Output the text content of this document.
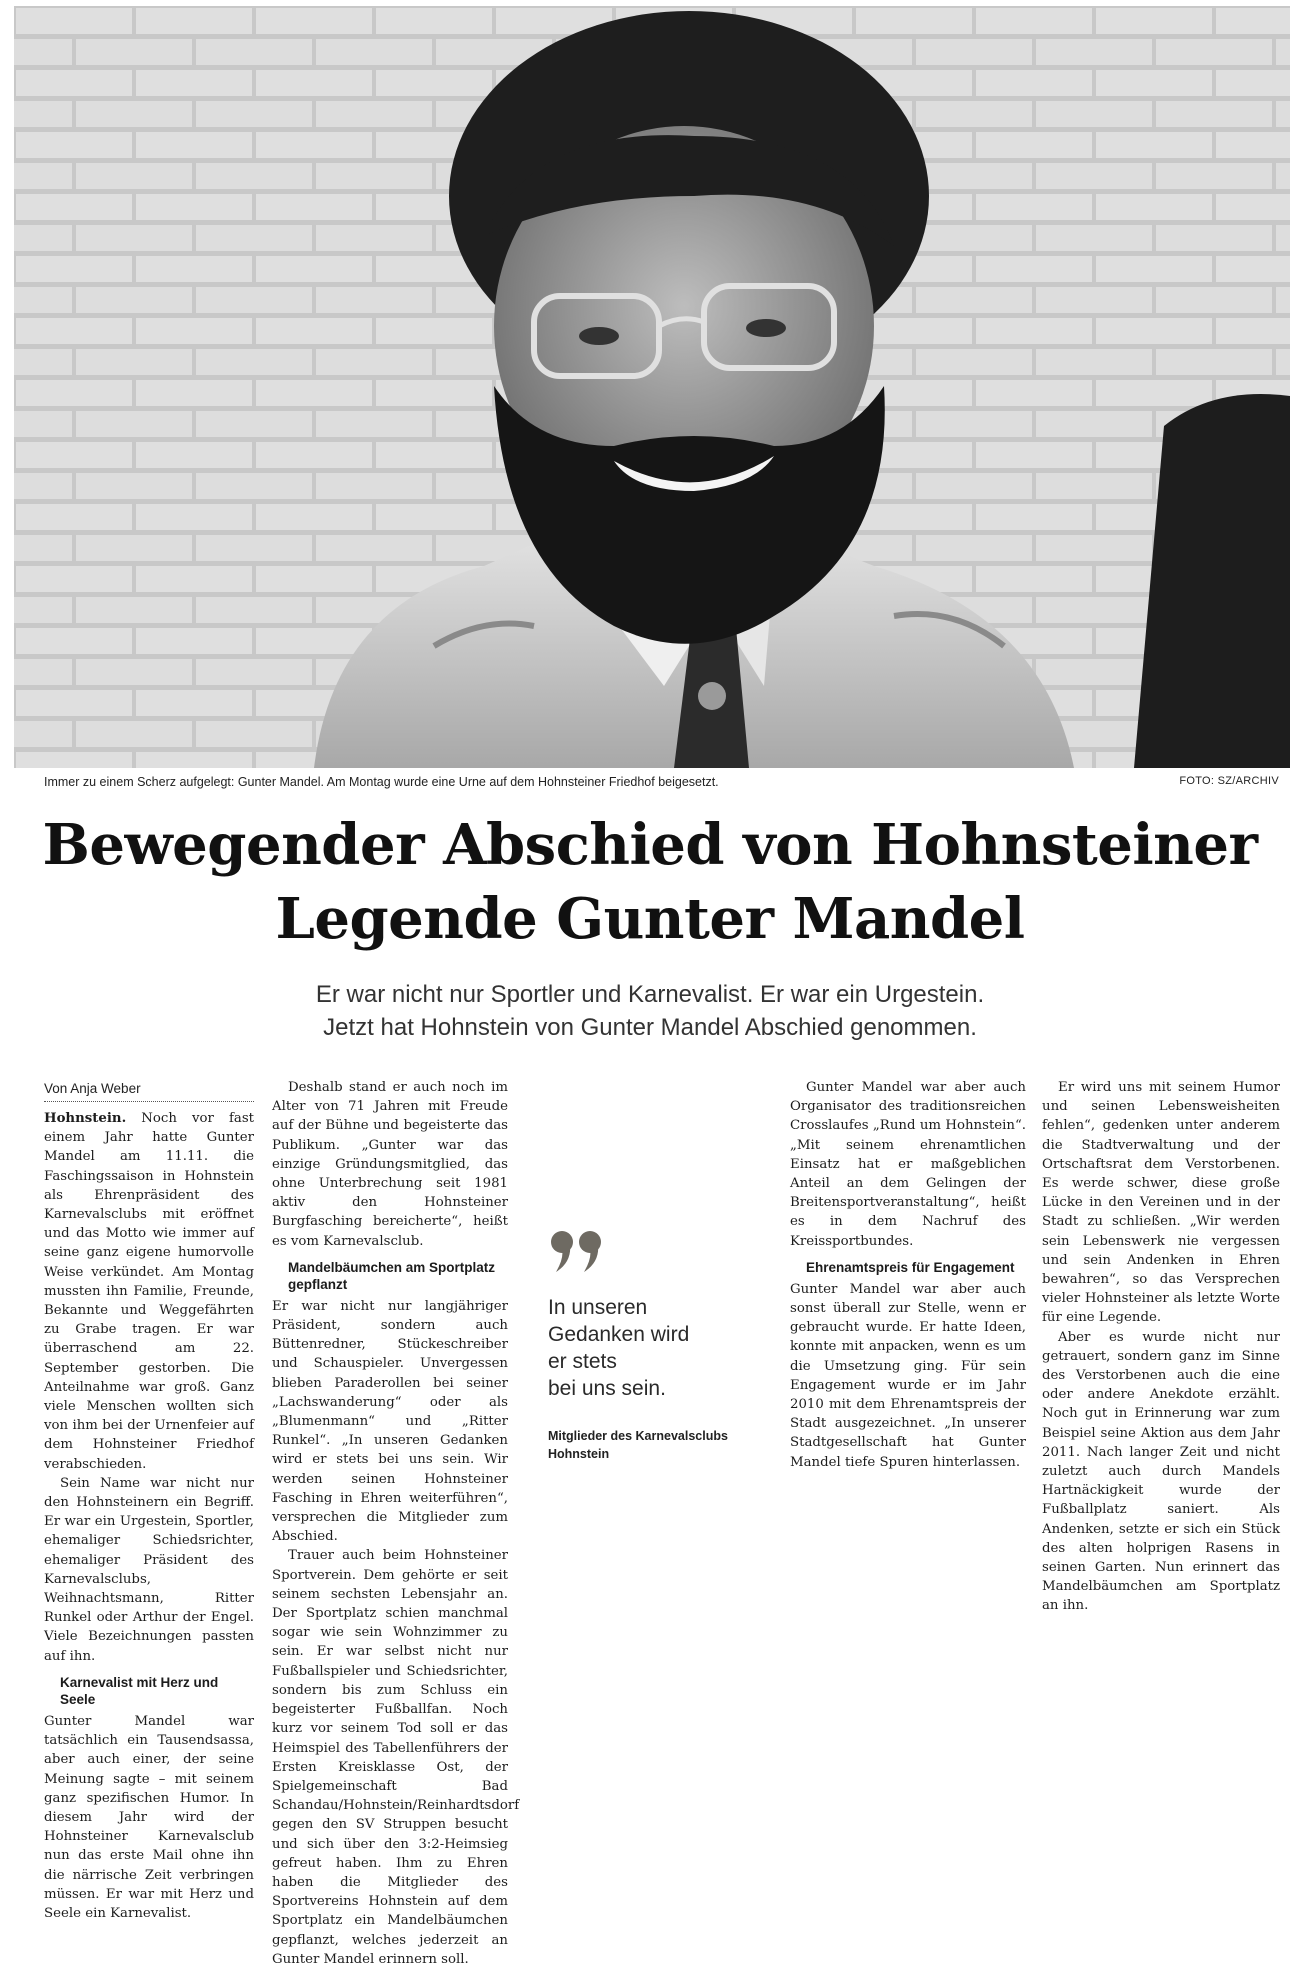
Immer zu einem Scherz aufgelegt: Gunter Mandel. Am Montag wurde eine Urne auf dem Hohnsteiner Friedhof beigesetzt.	FOTO: SZ/ARCHIV
Bewegender Abschied von Hohnsteiner
Legende Gunter Mandel
Er war nicht nur Sportler und Karnevalist. Er war ein Urgestein.
Jetzt hat Hohnstein von Gunter Mandel Abschied genommen.
Von Anja Weber

Hohnstein. Noch vor fast einem Jahr hatte Gunter Mandel am 11.11. die Faschingssaison in Hohnstein als Ehrenpräsident des Karnevalsclubs mit eröffnet und das Motto wie immer auf seine ganz eigene humorvolle Weise verkündet. Am Montag mussten ihn Familie, Freunde, Bekannte und Weggefährten zu Grabe tragen. Er war überraschend am 22. September gestorben. Die Anteilnahme war groß. Ganz viele Menschen wollten sich von ihm bei der Urnenfeier auf dem Hohnsteiner Friedhof verabschieden.

Sein Name war nicht nur den Hohnsteinern ein Begriff. Er war ein Urgestein, Sportler, ehemaliger Schiedsrichter, ehemaliger Präsident des Karnevalsclubs, Weihnachtsmann, Ritter Runkel oder Arthur der Engel. Viele Bezeichnungen passten auf ihn.

Karnevalist mit Herz und Seele

Gunter Mandel war tatsächlich ein Tausendsassa, aber auch einer, der seine Meinung sagte – mit seinem ganz spezifischen Humor. In diesem Jahr wird der Hohnsteiner Karnevalsclub nun das erste Mail ohne ihn die närrische Zeit verbringen müssen. Er war mit Herz und Seele ein Karnevalist.

Deshalb stand er auch noch im Alter von 71 Jahren mit Freude auf der Bühne und begeisterte das Publikum. „Gunter war das einzige Gründungsmitglied, das ohne Unterbrechung seit 1981 aktiv den Hohnsteiner Burgfasching bereicherte“, heißt es vom Karnevalsclub.

Mandelbäumchen am Sportplatz gepflanzt

Er war nicht nur langjähriger Präsident, sondern auch Büttenredner, Stückeschreiber und Schauspieler. Unvergessen blieben Paraderollen bei seiner „Lachswanderung“ oder als „Blumenmann“ und „Ritter Runkel“. „In unseren Gedanken wird er stets bei uns sein. Wir werden seinen Hohnsteiner Fasching in Ehren weiterführen“, versprechen die Mitglieder zum Abschied.

Trauer auch beim Hohnsteiner Sportverein. Dem gehörte er seit seinem sechsten Lebensjahr an. Der Sportplatz schien manchmal sogar wie sein Wohnzimmer zu sein. Er war selbst nicht nur Fußballspieler und Schiedsrichter, sondern bis zum Schluss ein begeisterter Fußballfan. Noch kurz vor seinem Tod soll er das Heimspiel des Tabellenführers der Ersten Kreisklasse Ost, der Spielgemeinschaft Bad Schandau/Hohnstein/Reinhardtsdorf gegen den SV Struppen besucht und sich über den 3:2-Heimsieg gefreut haben. Ihm zu Ehren haben die Mitglieder des Sportvereins Hohnstein auf dem Sportplatz ein Mandelbäumchen gepflanzt, welches jederzeit an Gunter Mandel erinnern soll.

Gunter Mandel war aber auch Organisator des traditionsreichen Crosslaufes „Rund um Hohnstein“. „Mit seinem ehrenamtlichen Einsatz hat er maßgeblichen Anteil an dem Gelingen der Breitensportveranstaltung“, heißt es in dem Nachruf des Kreissportbundes.

Ehrenamtspreis für Engagement

Gunter Mandel war aber auch sonst überall zur Stelle, wenn er gebraucht wurde. Er hatte Ideen, konnte mit anpacken, wenn es um die Umsetzung ging. Für sein Engagement wurde er im Jahr 2010 mit dem Ehrenamtspreis der Stadt ausgezeichnet. „In unserer Stadtgesellschaft hat Gunter Mandel tiefe Spuren hinterlassen.

Er wird uns mit seinem Humor und seinen Lebensweisheiten fehlen“, gedenken unter anderem die Stadtverwaltung und der Ortschaftsrat dem Verstorbenen. Es werde schwer, diese große Lücke in den Vereinen und in der Stadt zu schließen. „Wir werden sein Lebenswerk nie vergessen und sein Andenken in Ehren bewahren“, so das Versprechen vieler Hohnsteiner als letzte Worte für eine Legende.

Aber es wurde nicht nur getrauert, sondern ganz im Sinne des Verstorbenen auch die eine oder andere Anekdote erzählt. Noch gut in Erinnerung war zum Beispiel seine Aktion aus dem Jahr 2011. Nach langer Zeit und nicht zuletzt auch durch Mandels Hartnäckigkeit wurde der Fußballplatz saniert. Als Andenken, setzte er sich ein Stück des alten holprigen Rasens in seinen Garten. Nun erinnert das Mandelbäumchen am Sportplatz an ihn.

In unseren
Gedanken wird
er stets
bei uns sein.
Mitglieder des Karnevalsclubs
Hohnstein
